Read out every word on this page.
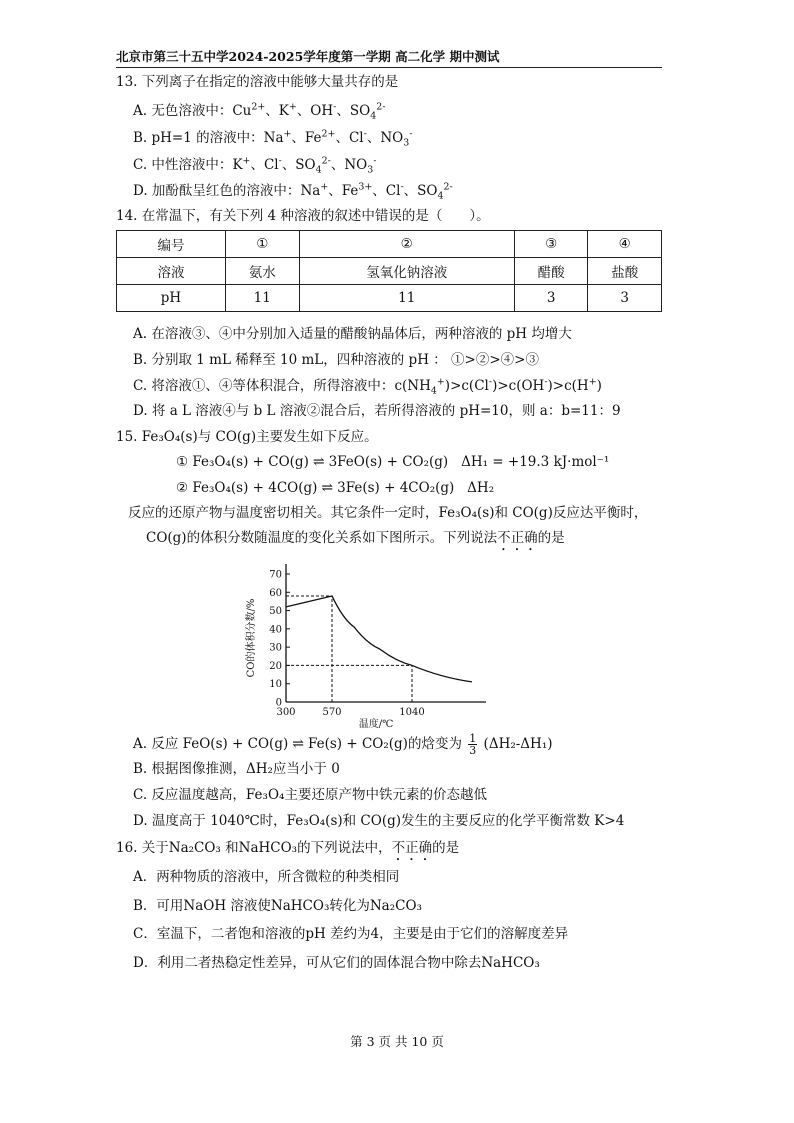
北京市第三十五中学2024-2025学年度第一学期 高二化学 期中测试
13. 下列离子在指定的溶液中能够大量共存的是
A. 无色溶液中：$Cu^{2+}$、K+、OH-、$SO_4^{2-}$
B. pH=1 的溶液中：Na+、$Fe^{2+}$、Cl-、$NO_3^-$
C. 中性溶液中：K+、Cl-、$SO_4^{2-}$、$NO_3^-$
D. 加酚酞呈红色的溶液中：Na+、$Fe^{3+}$、Cl-、$SO_4^{2-}$
14. 在常温下，有关下列 4 种溶液的叙述中错误的是（　　）。
编号	①	②	③	④
溶液	氨水	氢氧化钠溶液	醋酸	盐酸
pH	11	11	3	3
A. 在溶液③、④中分别加入适量的醋酸钠晶体后，两种溶液的 pH 均增大
B. 分别取 1 mL 稀释至 10 mL，四种溶液的 pH ： ①>②>④>③
C. 将溶液①、④等体积混合，所得溶液中：$c(NH_4^+)>c(Cl^-)>c(OH^-)>c(H^+)$
D. 将 a L 溶液④与 b L 溶液②混合后，若所得溶液的 pH=10，则 a：b=11：9
15. Fe₃O₄(s)与 CO(g)主要发生如下反应。
① Fe₃O₄(s) + CO(g) ⇌ 3FeO(s) + CO₂(g) ΔH₁ = +19.3 kJ·mol⁻¹
② Fe₃O₄(s) + 4CO(g) ⇌ 3Fe(s) + 4CO₂(g) ΔH₂
反应的还原产物与温度密切相关。其它条件一定时，Fe₃O₄(s)和 CO(g)反应达平衡时，
CO(g)的体积分数随温度的变化关系如下图所示。下列说法不正确的是
0
10
20
30
40
50
60
70
300	570	1040
CO的体积分数/%
温度/℃
A. 反应 FeO(s) + CO(g) ⇌ Fe(s) + CO₂(g)的焓变为 $\frac{1}{3} (\Delta H_2-\Delta H_1)$
B. 根据图像推测，ΔH₂应当小于 0
C. 反应温度越高，Fe₃O₄主要还原产物中铁元素的价态越低
D. 温度高于 1040℃时，Fe₃O₄(s)和 CO(g)发生的主要反应的化学平衡常数 K>4
16. 关于Na₂CO₃ 和NaHCO₃的下列说法中，不正确的是
A．两种物质的溶液中，所含微粒的种类相同
B．可用NaOH 溶液使NaHCO₃转化为Na₂CO₃
C．室温下，二者饱和溶液的pH 差约为4，主要是由于它们的溶解度差异
D．利用二者热稳定性差异，可从它们的固体混合物中除去NaHCO₃
第 3 页 共 10 页
